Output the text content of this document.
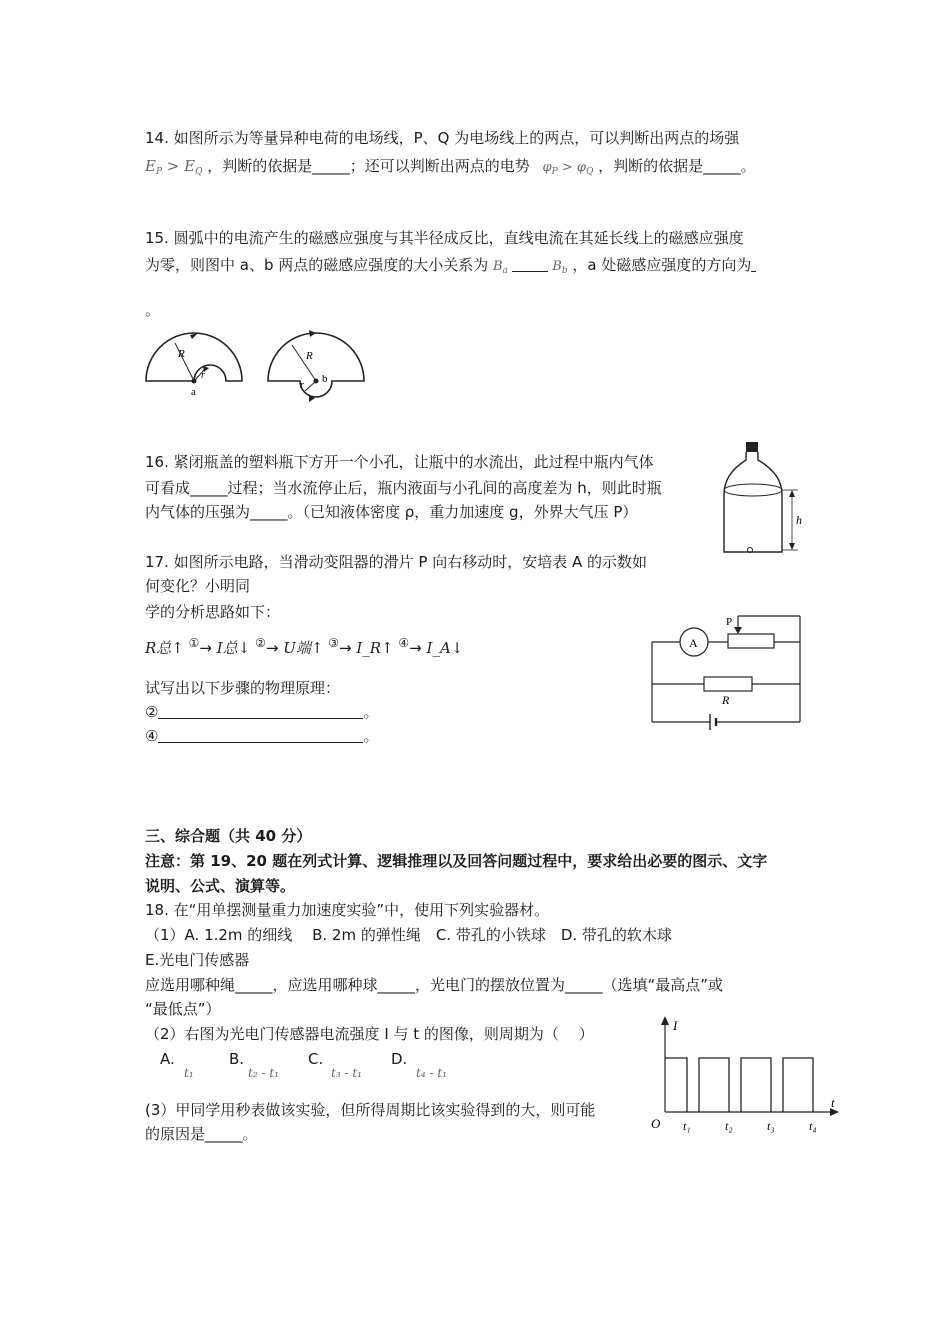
14. 如图所示为等量异种电荷的电场线，P、Q 为电场线上的两点，可以判断出两点的场强
$E_P > E_Q$ ，判断的依据是_____；还可以判断出两点的电势 $\varphi_P > \varphi_Q$ ，判断的依据是_____。
15. 圆弧中的电流产生的磁感应强度与其半径成反比，直线电流在其延长线上的磁感应强度
为零，则图中 a、b 两点的磁感应强度的大小关系为 $B_a$	$B_b$ ，a 处磁感应强度的方向为
。
R
r
a
R
r
b
16. 紧闭瓶盖的塑料瓶下方开一个小孔，让瓶中的水流出，此过程中瓶内气体
可看成_____过程；当水流停止后，瓶内液面与小孔间的高度差为 h，则此时瓶
内气体的压强为_____。（已知液体密度 ρ，重力加速度 g，外界大气压 P）	h
17. 如图所示电路，当滑动变阻器的滑片 P 向右移动时，安培表 A 的示数如
何变化？小明同
学的分析思路如下：
R总↑ ①→ I总↓ ②→ U端↑ ③→ I_R↑ ④→ I_A↓
试写出以下步骤的物理原理：
②	。
④	。
A
P
R
三、综合题（共 40 分）
注意：第 19、20 题在列式计算、逻辑推理以及回答问题过程中，要求给出必要的图示、文字
说明、公式、演算等。
18. 在“用单摆测量重力加速度实验”中，使用下列实验器材。
（1）A. 1.2m 的细线　 B. 2m 的弹性绳　C. 带孔的小铁球　D. 带孔的软木球
E.光电门传感器
应选用哪种绳_____，应选用哪种球_____，光电门的摆放位置为_____（选填“最高点”或
“最低点”）
（2）右图为光电门传感器电流强度 I 与 t 的图像，则周期为（　 ）
A.
t₁
B.
t₂ - t₁
C.
t₃ - t₁
D.
t₄ - t₁
(3）甲同学用秒表做该实验，但所得周期比该实验得到的大，则可能
的原因是_____。
I
t
O t₁	t₂	t₃	t₄
